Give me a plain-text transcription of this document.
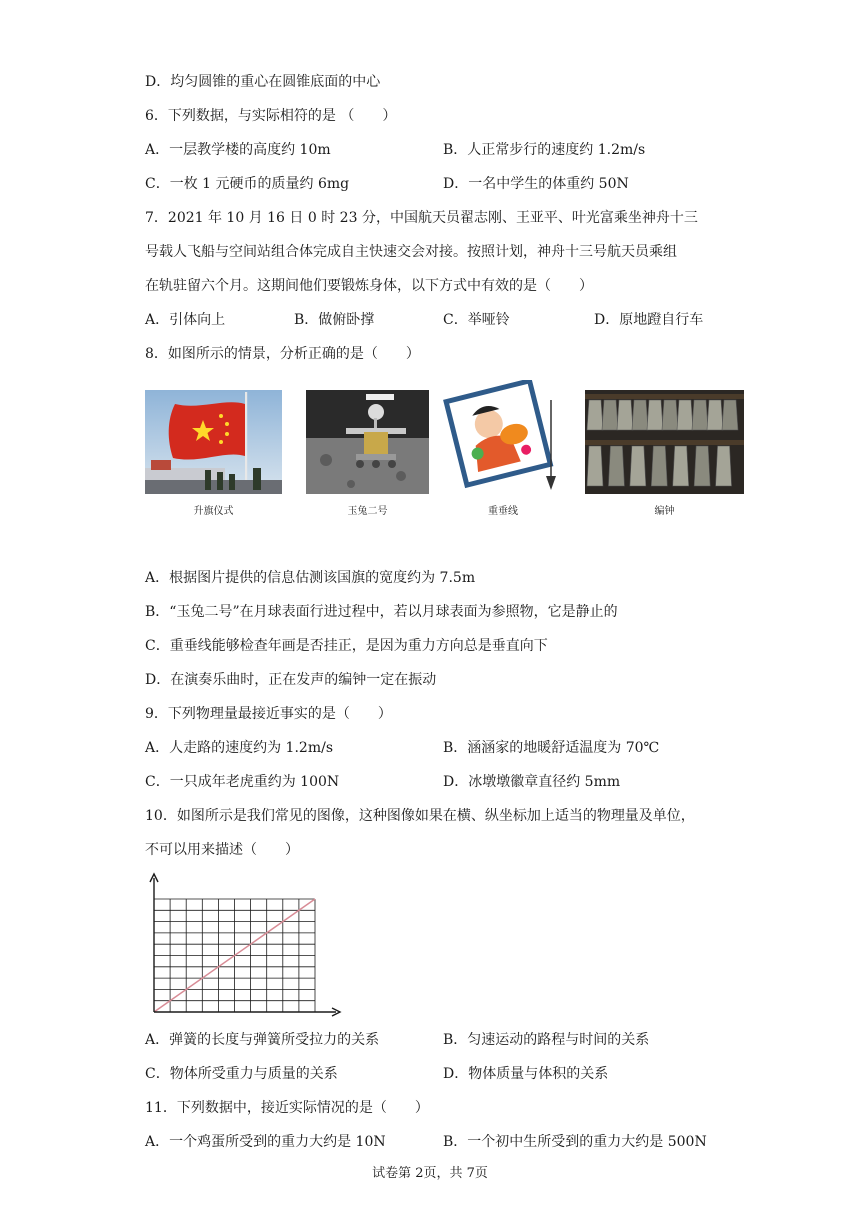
D．均匀圆锥的重心在圆锥底面的中心
6．下列数据，与实际相符的是 （　　）
A．一层教学楼的高度约 10m	B．人正常步行的速度约 1.2m/s
C．一枚 1 元硬币的质量约 6mg	D．一名中学生的体重约 50N
7．2021 年 10 月 16 日 0 时 23 分，中国航天员翟志刚、王亚平、叶光富乘坐神舟十三
号载人飞船与空间站组合体完成自主快速交会对接。按照计划，神舟十三号航天员乘组
在轨驻留六个月。这期间他们要锻炼身体，以下方式中有效的是（　　）
A．引体向上	B．做俯卧撑	C．举哑铃	D．原地蹬自行车
8．如图所示的情景，分析正确的是（　　）
升旗仪式	玉兔二号	重垂线	编钟
A．根据图片提供的信息估测该国旗的宽度约为 7.5m
B．“玉兔二号”在月球表面行进过程中，若以月球表面为参照物，它是静止的
C．重垂线能够检查年画是否挂正，是因为重力方向总是垂直向下
D．在演奏乐曲时，正在发声的编钟一定在振动
9．下列物理量最接近事实的是（　　）
A．人走路的速度约为 1.2m/s	B．涵涵家的地暖舒适温度为 70℃
C．一只成年老虎重约为 100N	D．冰墩墩徽章直径约 5mm
10．如图所示是我们常见的图像，这种图像如果在横、纵坐标加上适当的物理量及单位，
不可以用来描述（　　）
A．弹簧的长度与弹簧所受拉力的关系	B．匀速运动的路程与时间的关系
C．物体所受重力与质量的关系	D．物体质量与体积的关系
11．下列数据中，接近实际情况的是（　　）
A．一个鸡蛋所受到的重力大约是 10N	B．一个初中生所受到的重力大约是 500N
试卷第 2页，共 7页
